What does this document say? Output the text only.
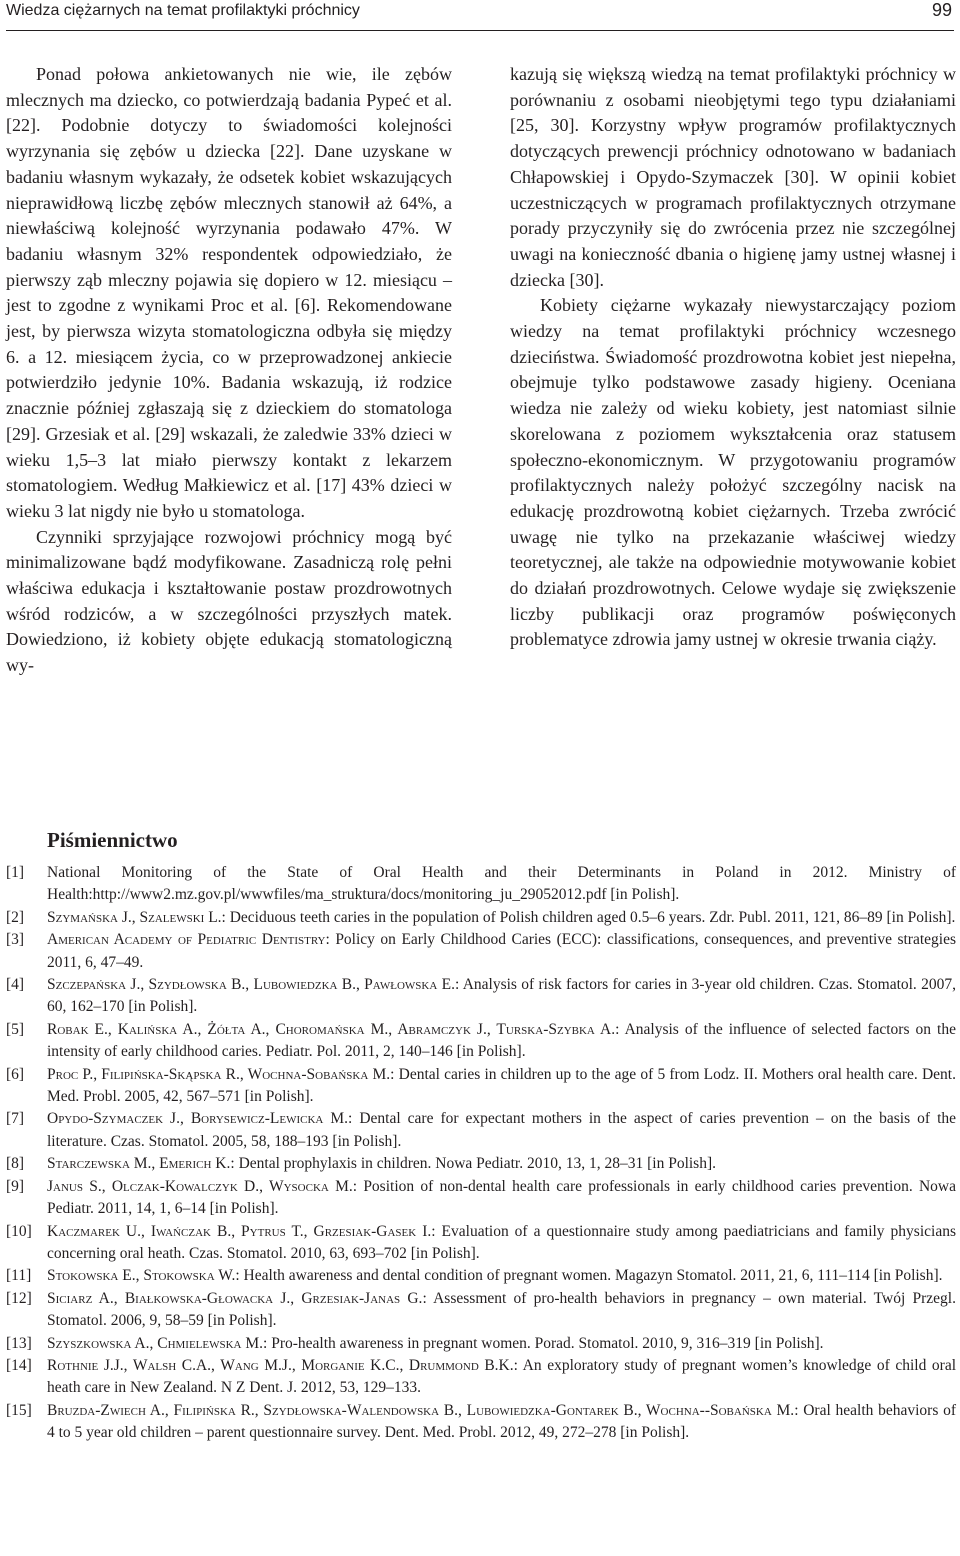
Wiedza ciężarnych na temat profilaktyki próchnicy	99

Ponad połowa ankietowanych nie wie, ile zębów mlecznych ma dziecko, co potwierdzają badania Pypeć et al. [22]. Podobnie dotyczy to świadomości kolejności wyrzynania się zębów u dziecka [22]. Dane uzyskane w badaniu własnym wykazały, że odsetek kobiet wskazujących nieprawidłową liczbę zębów mlecznych stanowił aż 64%, a niewłaściwą kolejność wyrzynania podawało 47%. W badaniu własnym 32% respondentek odpowiedziało, że pierwszy ząb mleczny pojawia się dopiero w 12. miesiącu – jest to zgodne z wynikami Proc et al. [6]. Rekomendowane jest, by pierwsza wizyta stomatologiczna odbyła się między 6. a 12. miesiącem życia, co w przeprowadzonej ankiecie potwierdziło jedynie 10%. Badania wskazują, iż rodzice znacznie później zgłaszają się z dzieckiem do stomatologa [29]. Grzesiak et al. [29] wskazali, że zaledwie 33% dzieci w wieku 1,5–3 lat miało pierwszy kontakt z lekarzem stomatologiem. Według Małkiewicz et al. [17] 43% dzieci w wieku 3 lat nigdy nie było u stomatologa.

Czynniki sprzyjające rozwojowi próchnicy mogą być minimalizowane bądź modyfikowane. Zasadniczą rolę pełni właściwa edukacja i kształtowanie postaw prozdrowotnych wśród rodziców, a w szczególności przyszłych matek. Dowiedziono, iż kobiety objęte edukacją stomatologiczną wy-

kazują się większą wiedzą na temat profilaktyki próchnicy w porównaniu z osobami nieobjętymi tego typu działaniami [25, 30]. Korzystny wpływ programów profilaktycznych dotyczących prewencji próchnicy odnotowano w badaniach Chłapowskiej i Opydo-Szymaczek [30]. W opinii kobiet uczestniczących w programach profilaktycznych otrzymane porady przyczyniły się do zwrócenia przez nie szczególnej uwagi na konieczność dbania o higienę jamy ustnej własnej i dziecka [30].

Kobiety ciężarne wykazały niewystarczający poziom wiedzy na temat profilaktyki próchnicy wczesnego dzieciństwa. Świadomość prozdrowotna kobiet jest niepełna, obejmuje tylko podstawowe zasady higieny. Oceniana wiedza nie zależy od wieku kobiety, jest natomiast silnie skorelowana z poziomem wykształcenia oraz statusem społeczno-ekonomicznym. W przygotowaniu programów profilaktycznych należy położyć szczególny nacisk na edukację prozdrowotną kobiet ciężarnych. Trzeba zwrócić uwagę nie tylko na przekazanie właściwej wiedzy teoretycznej, ale także na odpowiednie motywowanie kobiet do działań prozdrowotnych. Celowe wydaje się zwiększenie liczby publikacji oraz programów poświęconych problematyce zdrowia jamy ustnej w okresie trwania ciąży.

Piśmiennictwo
[1] National Monitoring of the State of Oral Health and their Determinants in Poland in 2012. Ministry of Health:http://www2.mz.gov.pl/wwwfiles/ma_struktura/docs/monitoring_ju_29052012.pdf [in Polish].
[2] Szymańska J., Szalewski L.: Deciduous teeth caries in the population of Polish children aged 0.5–6 years. Zdr. Publ. 2011, 121, 86–89 [in Polish].
[3] American Academy of Pediatric Dentistry: Policy on Early Childhood Caries (ECC): classifications, consequences, and preventive strategies 2011, 6, 47–49.
[4] Szczepańska J., Szydłowska B., Lubowiedzka B., Pawłowska E.: Analysis of risk factors for caries in 3-year old children. Czas. Stomatol. 2007, 60, 162–170 [in Polish].
[5] Robak E., Kalińska A., Żółta A., Choromańska M., Abramczyk J., Turska-Szybka A.: Analysis of the influence of selected factors on the intensity of early childhood caries. Pediatr. Pol. 2011, 2, 140–146 [in Polish].
[6] Proc P., Filipińska-Skąpska R., Wochna-Sobańska M.: Dental caries in children up to the age of 5 from Lodz. II. Mothers oral health care. Dent. Med. Probl. 2005, 42, 567–571 [in Polish].
[7] Opydo-Szymaczek J., Borysewicz-Lewicka M.: Dental care for expectant mothers in the aspect of caries prevention – on the basis of the literature. Czas. Stomatol. 2005, 58, 188–193 [in Polish].
[8] Starczewska M., Emerich K.: Dental prophylaxis in children. Nowa Pediatr. 2010, 13, 1, 28–31 [in Polish].
[9] Janus S., Olczak-Kowalczyk D., Wysocka M.: Position of non-dental health care professionals in early childhood caries prevention. Nowa Pediatr. 2011, 14, 1, 6–14 [in Polish].
[10] Kaczmarek U., Iwańczak B., Pytrus T., Grzesiak-Gasek I.: Evaluation of a questionnaire study among paediatricians and family physicians concerning oral heath. Czas. Stomatol. 2010, 63, 693–702 [in Polish].
[11] Stokowska E., Stokowska W.: Health awareness and dental condition of pregnant women. Magazyn Stomatol. 2011, 21, 6, 111–114 [in Polish].
[12] Siciarz A., Białkowska-Głowacka J., Grzesiak-Janas G.: Assessment of pro-health behaviors in pregnancy – own material. Twój Przegl. Stomatol. 2006, 9, 58–59 [in Polish].
[13] Szyszkowska A., Chmielewska M.: Pro-health awareness in pregnant women. Porad. Stomatol. 2010, 9, 316–319 [in Polish].
[14] Rothnie J.J., Walsh C.A., Wang M.J., Morganie K.C., Drummond B.K.: An exploratory study of pregnant women’s knowledge of child oral heath care in New Zealand. N Z Dent. J. 2012, 53, 129–133.
[15] Bruzda-Zwiech A., Filipińska R., Szydłowska-Walendowska B., Lubowiedzka-Gontarek B., Wochna--Sobańska M.: Oral health behaviors of 4 to 5 year old children – parent questionnaire survey. Dent. Med. Probl. 2012, 49, 272–278 [in Polish].
